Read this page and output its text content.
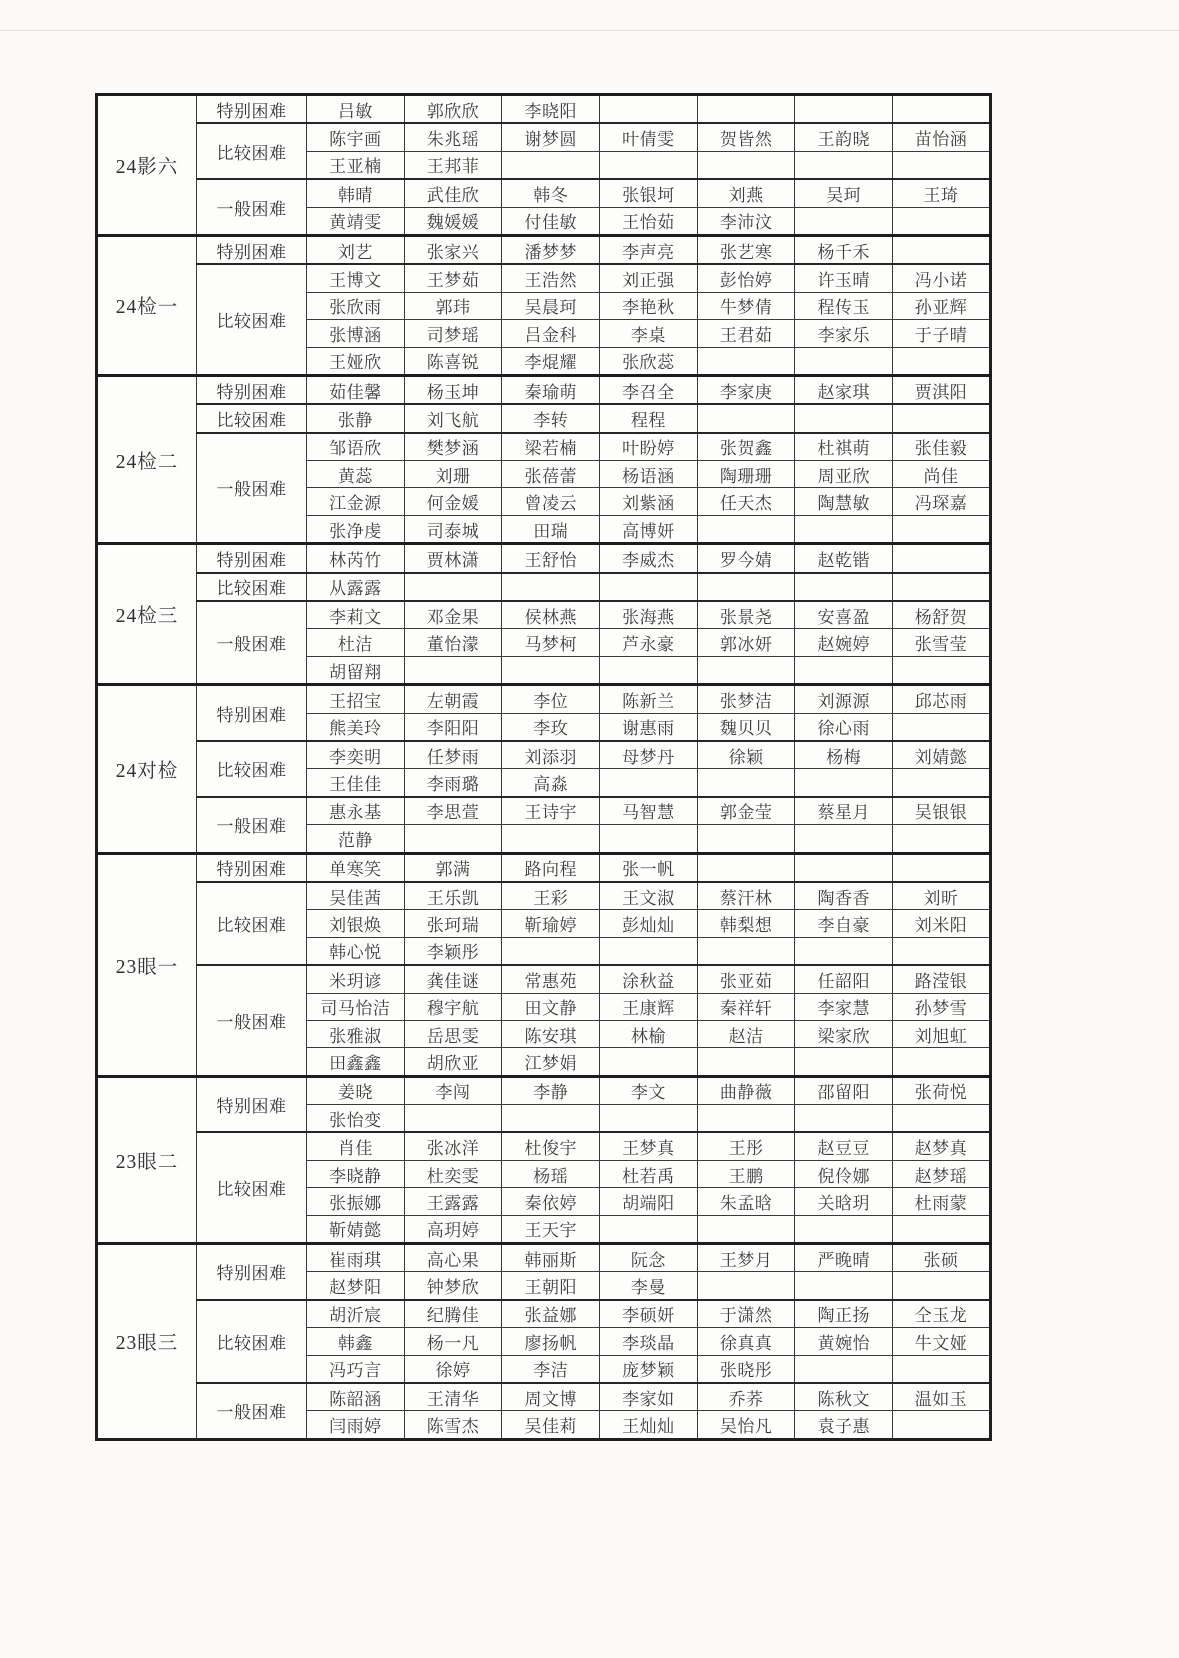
24影六	特别困难	吕敏	郭欣欣	李晓阳				
	比较困难	陈宇画	朱兆瑶	谢梦圆	叶倩雯	贺皆然	王韵晓	苗怡涵
		王亚楠	王邦菲					
	一般困难	韩晴	武佳欣	韩冬	张银坷	刘燕	吴珂	王琦
		黄靖雯	魏媛媛	付佳敏	王怡茹	李沛汶		
24检一	特别困难	刘艺	张家兴	潘梦梦	李声亮	张艺寒	杨千禾	
	比较困难	王博文	王梦茹	王浩然	刘正强	彭怡婷	许玉晴	冯小诺
		张欣雨	郭玮	吴晨珂	李艳秋	牛梦倩	程传玉	孙亚辉
		张博涵	司梦瑶	吕金科	李桌	王君茹	李家乐	于子晴
		王娅欣	陈喜锐	李焜耀	张欣蕊			
24检二	特别困难	茹佳馨	杨玉坤	秦瑜萌	李召全	李家庚	赵家琪	贾淇阳
	比较困难	张静	刘飞航	李转	程程			
	一般困难	邹语欣	樊梦涵	梁若楠	叶盼婷	张贺鑫	杜祺萌	张佳毅
		黄蕊	刘珊	张蓓蕾	杨语涵	陶珊珊	周亚欣	尚佳
		江金源	何金媛	曾凌云	刘紫涵	任天杰	陶慧敏	冯琛嘉
		张净虔	司泰城	田瑞	高博妍			
24检三	特别困难	林芮竹	贾林潇	王舒怡	李威杰	罗今婧	赵乾锴	
	比较困难	从露露						
	一般困难	李莉文	邓金果	侯林燕	张海燕	张景尧	安喜盈	杨舒贺
		杜洁	董怡濛	马梦柯	芦永豪	郭冰妍	赵婉婷	张雪莹
		胡留翔						
24对检	特别困难	王招宝	左朝霞	李位	陈新兰	张梦洁	刘源源	邱芯雨
		熊美玲	李阳阳	李玫	谢惠雨	魏贝贝	徐心雨	
	比较困难	李奕明	任梦雨	刘添羽	母梦丹	徐颖	杨梅	刘婧懿
		王佳佳	李雨璐	高淼				
	一般困难	惠永基	李思萱	王诗宇	马智慧	郭金莹	蔡星月	吴银银
		范静						
23眼一	特别困难	单寒笑	郭满	路向程	张一帆			
	比较困难	吴佳茜	王乐凯	王彩	王文淑	蔡汗林	陶香香	刘昕
		刘银焕	张珂瑞	靳瑜婷	彭灿灿	韩梨想	李自豪	刘米阳
		韩心悦	李颖彤					
	一般困难	米玥谚	龚佳谜	常惠苑	涂秋益	张亚茹	任韶阳	路滢银
		司马怡洁	穆宇航	田文静	王康辉	秦祥轩	李家慧	孙梦雪
		张雅淑	岳思雯	陈安琪	林榆	赵洁	梁家欣	刘旭虹
		田鑫鑫	胡欣亚	江梦娟				
23眼二	特别困难	姜晓	李闯	李静	李文	曲静薇	邵留阳	张荷悦
		张怡变						
	比较困难	肖佳	张冰洋	杜俊宇	王梦真	王彤	赵豆豆	赵梦真
		李晓静	杜奕雯	杨瑶	杜若禹	王鹏	倪伶娜	赵梦瑶
		张振娜	王露露	秦依婷	胡端阳	朱孟晗	关晗玥	杜雨蒙
		靳婧懿	高玥婷	王天宇				
23眼三	特别困难	崔雨琪	高心果	韩丽斯	阮念	王梦月	严晚晴	张硕
		赵梦阳	钟梦欣	王朝阳	李曼			
	比较困难	胡沂宸	纪腾佳	张益娜	李硕妍	于潇然	陶正扬	仝玉龙
		韩鑫	杨一凡	廖扬帆	李琰晶	徐真真	黄婉怡	牛文娅
		冯巧言	徐婷	李洁	庞梦颖	张晓彤		
	一般困难	陈韶涵	王清华	周文博	李家如	乔荞	陈秋文	温如玉
		闫雨婷	陈雪杰	吴佳莉	王灿灿	吴怡凡	袁子惠	
